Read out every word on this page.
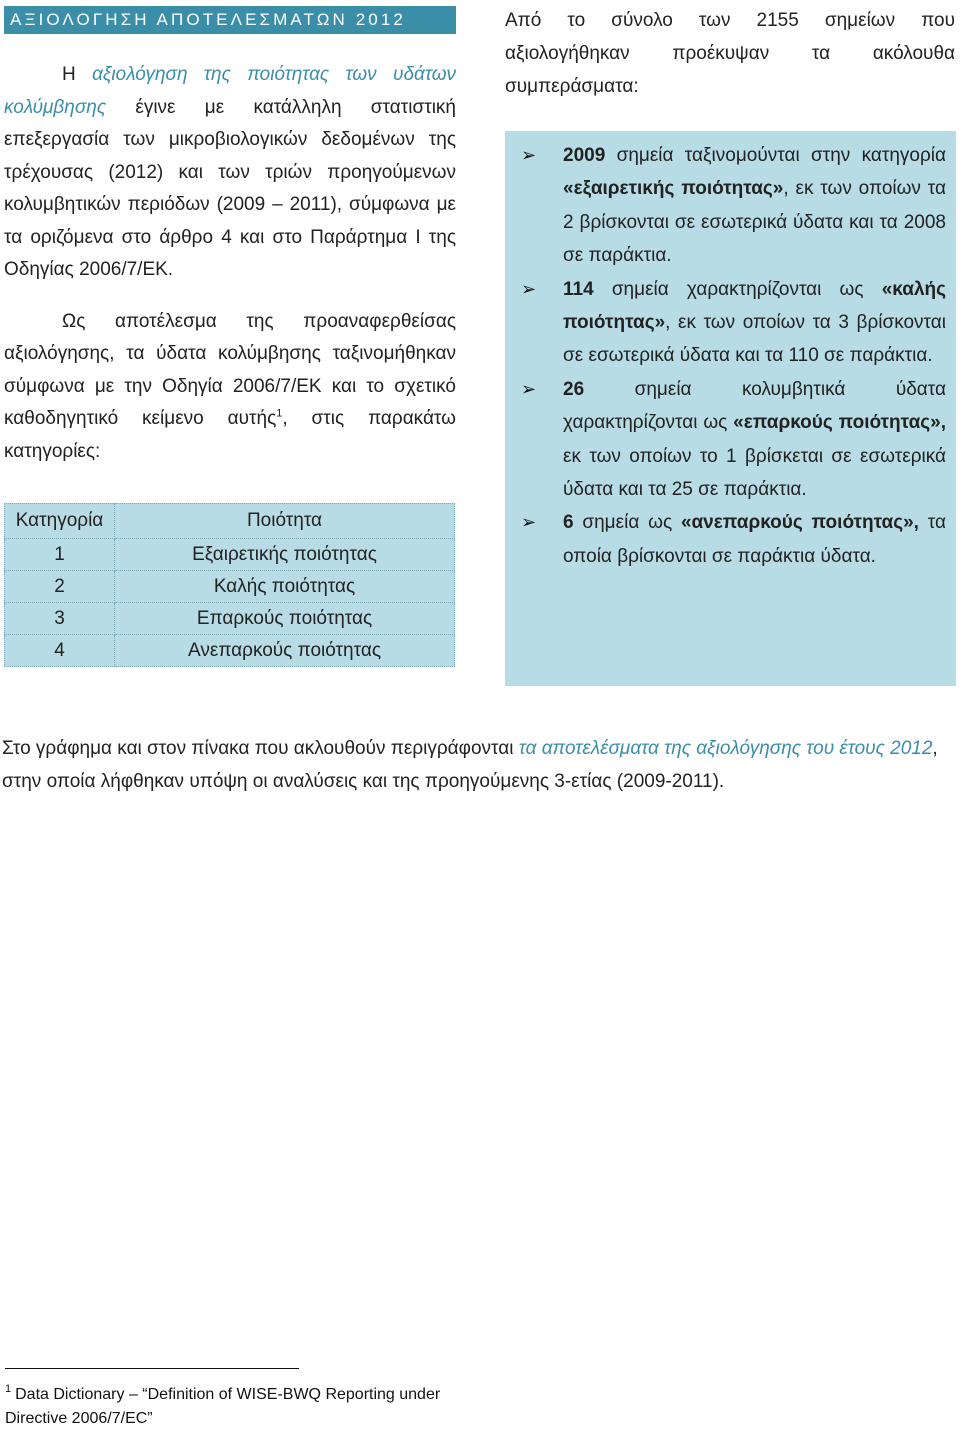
ΑΞΙΟΛΟΓΗΣΗ ΑΠΟΤΕΛΕΣΜΑΤΩΝ 2012

Η αξιολόγηση της ποιότητας των υδάτων κολύμβησης έγινε με κατάλληλη στατιστική επεξεργασία των μικροβιολογικών δεδομένων της τρέχουσας (2012) και των τριών προηγούμενων κολυμβητικών περιόδων (2009 – 2011), σύμφωνα με τα οριζόμενα στο άρθρο 4 και στο Παράρτημα Ι της Οδηγίας 2006/7/ΕΚ.

Ως αποτέλεσμα της προαναφερθείσας αξιολόγησης, τα ύδατα κολύμβησης ταξινομήθηκαν σύμφωνα με την Οδηγία 2006/7/ΕΚ και το σχετικό καθοδηγητικό κείμενο αυτής$^1$, στις παρακάτω κατηγορίες:

Κατηγορία	Ποιότητα
1	Εξαιρετικής ποιότητας
2	Καλής ποιότητας
3	Επαρκούς ποιότητας
4	Ανεπαρκούς ποιότητας

Από το σύνολο των 2155 σημείων που αξιολογήθηκαν προέκυψαν τα ακόλουθα συμπεράσματα:

➢ 2009 σημεία ταξινομούνται στην κατηγορία «εξαιρετικής ποιότητας», εκ των οποίων τα 2 βρίσκονται σε εσωτερικά ύδατα και τα 2008 σε παράκτια.
➢ 114 σημεία χαρακτηρίζονται ως «καλής ποιότητας», εκ των οποίων τα 3 βρίσκονται σε εσωτερικά ύδατα και τα 110 σε παράκτια.
➢ 26 σημεία κολυμβητικά ύδατα χαρακτηρίζονται ως «επαρκούς ποιότητας», εκ των οποίων το 1 βρίσκεται σε εσωτερικά ύδατα και τα 25 σε παράκτια.
➢ 6 σημεία ως «ανεπαρκούς ποιότητας», τα οποία βρίσκονται σε παράκτια ύδατα.

Στο γράφημα και στον πίνακα που ακλουθούν περιγράφονται τα αποτελέσματα της αξιολόγησης του έτους 2012, στην οποία λήφθηκαν υπόψη οι αναλύσεις και της προηγούμενης 3-ετίας (2009-2011).

$^1$ Data Dictionary – “Definition of WISE-BWQ Reporting under Directive 2006/7/EC”
